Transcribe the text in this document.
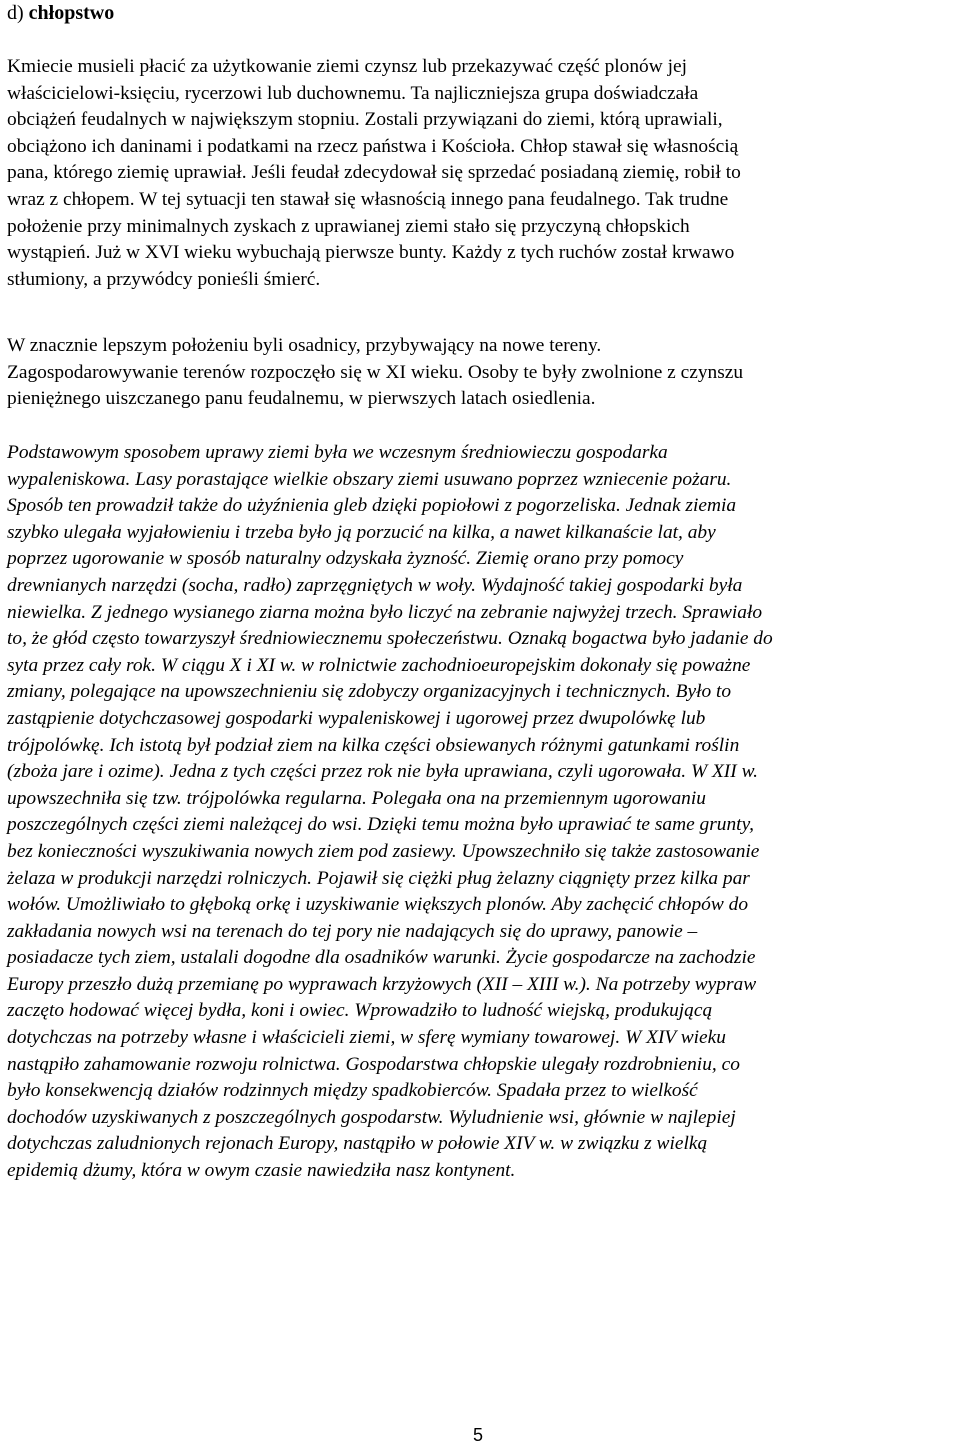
d) chłopstwo
Kmiecie musieli płacić za użytkowanie ziemi czynsz lub przekazywać część plonów jej
właścicielowi-księciu, rycerzowi lub duchownemu. Ta najliczniejsza grupa doświadczała
obciążeń feudalnych w największym stopniu. Zostali przywiązani do ziemi, którą uprawiali,
obciążono ich daninami i podatkami na rzecz państwa i Kościoła. Chłop stawał się własnością
pana, którego ziemię uprawiał. Jeśli feudał zdecydował się sprzedać posiadaną ziemię, robił to
wraz z chłopem. W tej sytuacji ten stawał się własnością innego pana feudalnego. Tak trudne
położenie przy minimalnych zyskach z uprawianej ziemi stało się przyczyną chłopskich
wystąpień. Już w XVI wieku wybuchają pierwsze bunty. Każdy z tych ruchów został krwawo
stłumiony, a przywódcy ponieśli śmierć.
W znacznie lepszym położeniu byli osadnicy, przybywający na nowe tereny.
Zagospodarowywanie terenów rozpoczęło się w XI wieku. Osoby te były zwolnione z czynszu
pieniężnego uiszczanego panu feudalnemu, w pierwszych latach osiedlenia.
Podstawowym sposobem uprawy ziemi była we wczesnym średniowieczu gospodarka
wypaleniskowa. Lasy porastające wielkie obszary ziemi usuwano poprzez wzniecenie pożaru.
Sposób ten prowadził także do użyźnienia gleb dzięki popiołowi z pogorzeliska. Jednak ziemia
szybko ulegała wyjałowieniu i trzeba było ją porzucić na kilka, a nawet kilkanaście lat, aby
poprzez ugorowanie w sposób naturalny odzyskała żyzność. Ziemię orano przy pomocy
drewnianych narzędzi (socha, radło) zaprzęgniętych w woły. Wydajność takiej gospodarki była
niewielka. Z jednego wysianego ziarna można było liczyć na zebranie najwyżej trzech. Sprawiało
to, że głód często towarzyszył średniowiecznemu społeczeństwu. Oznaką bogactwa było jadanie do
syta przez cały rok. W ciągu X i XI w. w rolnictwie zachodnioeuropejskim dokonały się poważne
zmiany, polegające na upowszechnieniu się zdobyczy organizacyjnych i technicznych. Było to
zastąpienie dotychczasowej gospodarki wypaleniskowej i ugorowej przez dwupolówkę lub
trójpolówkę. Ich istotą był podział ziem na kilka części obsiewanych różnymi gatunkami roślin
(zboża jare i ozime). Jedna z tych części przez rok nie była uprawiana, czyli ugorowała. W XII w.
upowszechniła się tzw. trójpolówka regularna. Polegała ona na przemiennym ugorowaniu
poszczególnych części ziemi należącej do wsi. Dzięki temu można było uprawiać te same grunty,
bez konieczności wyszukiwania nowych ziem pod zasiewy. Upowszechniło się także zastosowanie
żelaza w produkcji narzędzi rolniczych. Pojawił się ciężki pług żelazny ciągnięty przez kilka par
wołów. Umożliwiało to głęboką orkę i uzyskiwanie większych plonów. Aby zachęcić chłopów do
zakładania nowych wsi na terenach do tej pory nie nadających się do uprawy, panowie –
posiadacze tych ziem, ustalali dogodne dla osadników warunki. Życie gospodarcze na zachodzie
Europy przeszło dużą przemianę po wyprawach krzyżowych (XII – XIII w.). Na potrzeby wypraw
zaczęto hodować więcej bydła, koni i owiec. Wprowadziło to ludność wiejską, produkującą
dotychczas na potrzeby własne i właścicieli ziemi, w sferę wymiany towarowej. W XIV wieku
nastąpiło zahamowanie rozwoju rolnictwa. Gospodarstwa chłopskie ulegały rozdrobnieniu, co
było konsekwencją działów rodzinnych między spadkobierców. Spadała przez to wielkość
dochodów uzyskiwanych z poszczególnych gospodarstw. Wyludnienie wsi, głównie w najlepiej
dotychczas zaludnionych rejonach Europy, nastąpiło w połowie XIV w. w związku z wielką
epidemią dżumy, która w owym czasie nawiedziła nasz kontynent.
5
